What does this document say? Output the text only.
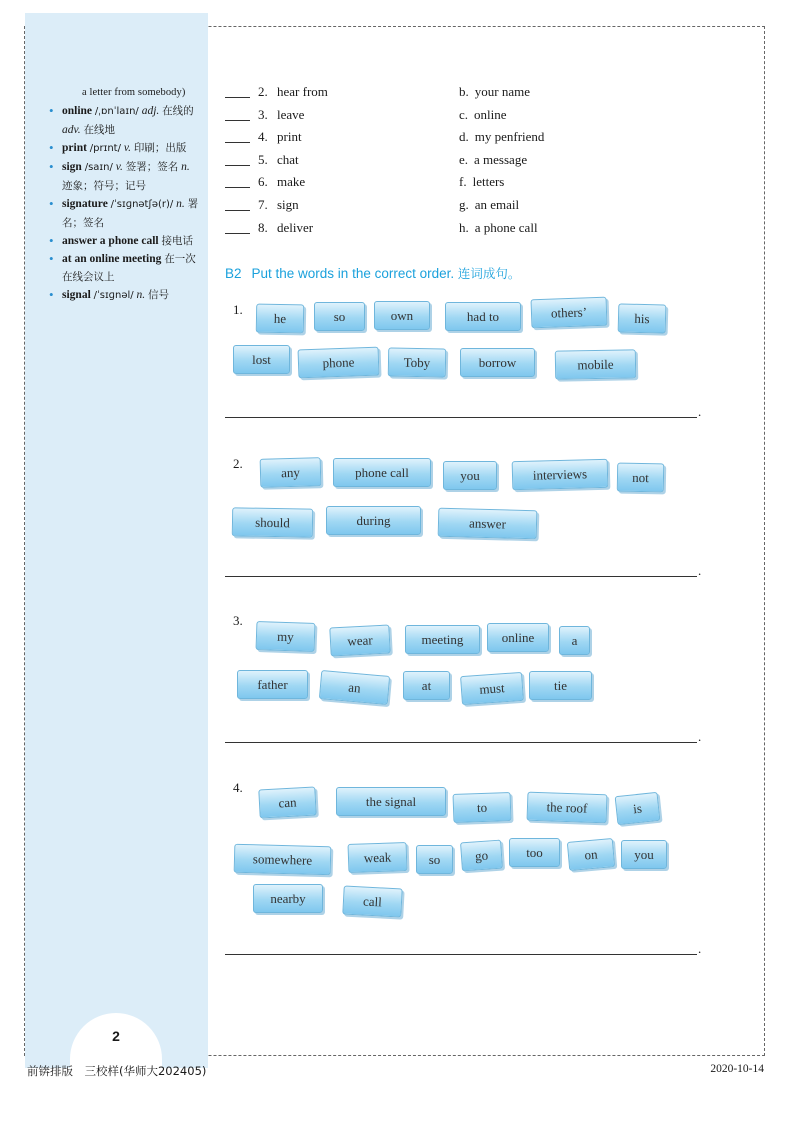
2
a letter from somebody)
• online /ˌɒnˈlaɪn/ adj. 在线的 adv. 在线地
• print /prɪnt/ v. 印刷；出版
• sign /saɪn/ v. 签署；签名 n. 迹象；符号；记号
• signature /ˈsɪɡnətʃə(r)/ n. 署名；签名
• answer a phone call 接电话
• at an online meeting 在一次在线会议上
• signal /ˈsɪɡnəl/ n. 信号
2. hear from	b. your name
3. leave	c. online
4. print	d. my penfriend
5. chat	e. a message
6. make	f. letters
7. sign	g. an email
8. deliver	h. a phone call
B2 Put the words in the correct order. 连词成句。
1.
he	so	own	had to	others’	his
lost	phone	Toby	borrow	mobile
.
2.
any	phone call	you	interviews	not
should	during	answer
.
3.
my	wear	meeting	online	a
father	an	at	must	tie
.
4.
can	the signal	to	the roof	is
somewhere	weak	so	go	too	on	you
nearby	call
.
前锛排版　三校样(华师大202405)	2020-10-14
